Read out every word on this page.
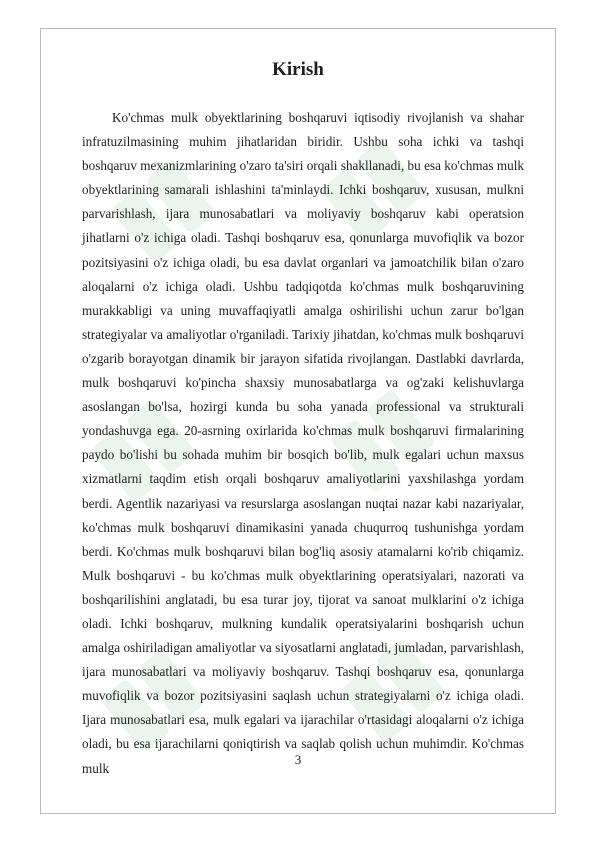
Kirish

Ko'chmas mulk obyektlarining boshqaruvi iqtisodiy rivojlanish va shahar infratuzilmasining muhim jihatlaridan biridir. Ushbu soha ichki va tashqi boshqaruv mexanizmlarining o'zaro ta'siri orqali shakllanadi, bu esa ko'chmas mulk obyektlarining samarali ishlashini ta'minlaydi. Ichki boshqaruv, xususan, mulkni parvarishlash, ijara munosabatlari va moliyaviy boshqaruv kabi operatsion jihatlarni o'z ichiga oladi. Tashqi boshqaruv esa, qonunlarga muvofiqlik va bozor pozitsiyasini o'z ichiga oladi, bu esa davlat organlari va jamoatchilik bilan o'zaro aloqalarni o'z ichiga oladi. Ushbu tadqiqotda ko'chmas mulk boshqaruvining murakkabligi va uning muvaffaqiyatli amalga oshirilishi uchun zarur bo'lgan strategiyalar va amaliyotlar o'rganiladi. Tarixiy jihatdan, ko'chmas mulk boshqaruvi o'zgarib borayotgan dinamik bir jarayon sifatida rivojlangan. Dastlabki davrlarda, mulk boshqaruvi ko'pincha shaxsiy munosabatlarga va og'zaki kelishuvlarga asoslangan bo'lsa, hozirgi kunda bu soha yanada professional va strukturali yondashuvga ega. 20-asrning oxirlarida ko'chmas mulk boshqaruvi firmalarining paydo bo'lishi bu sohada muhim bir bosqich bo'lib, mulk egalari uchun maxsus xizmatlarni taqdim etish orqali boshqaruv amaliyotlarini yaxshilashga yordam berdi. Agentlik nazariyasi va resurslarga asoslangan nuqtai nazar kabi nazariyalar, ko'chmas mulk boshqaruvi dinamikasini yanada chuqurroq tushunishga yordam berdi. Ko'chmas mulk boshqaruvi bilan bog'liq asosiy atamalarni ko'rib chiqamiz. Mulk boshqaruvi - bu ko'chmas mulk obyektlarining operatsiyalari, nazorati va boshqarilishini anglatadi, bu esa turar joy, tijorat va sanoat mulklarini o'z ichiga oladi. Ichki boshqaruv, mulkning kundalik operatsiyalarini boshqarish uchun amalga oshiriladigan amaliyotlar va siyosatlarni anglatadi, jumladan, parvarishlash, ijara munosabatlari va moliyaviy boshqaruv. Tashqi boshqaruv esa, qonunlarga muvofiqlik va bozor pozitsiyasini saqlash uchun strategiyalarni o'z ichiga oladi. Ijara munosabatlari esa, mulk egalari va ijarachilar o'rtasidagi aloqalarni o'z ichiga oladi, bu esa ijarachilarni qoniqtirish va saqlab qolish uchun muhimdir. Ko'chmas mulk

3
